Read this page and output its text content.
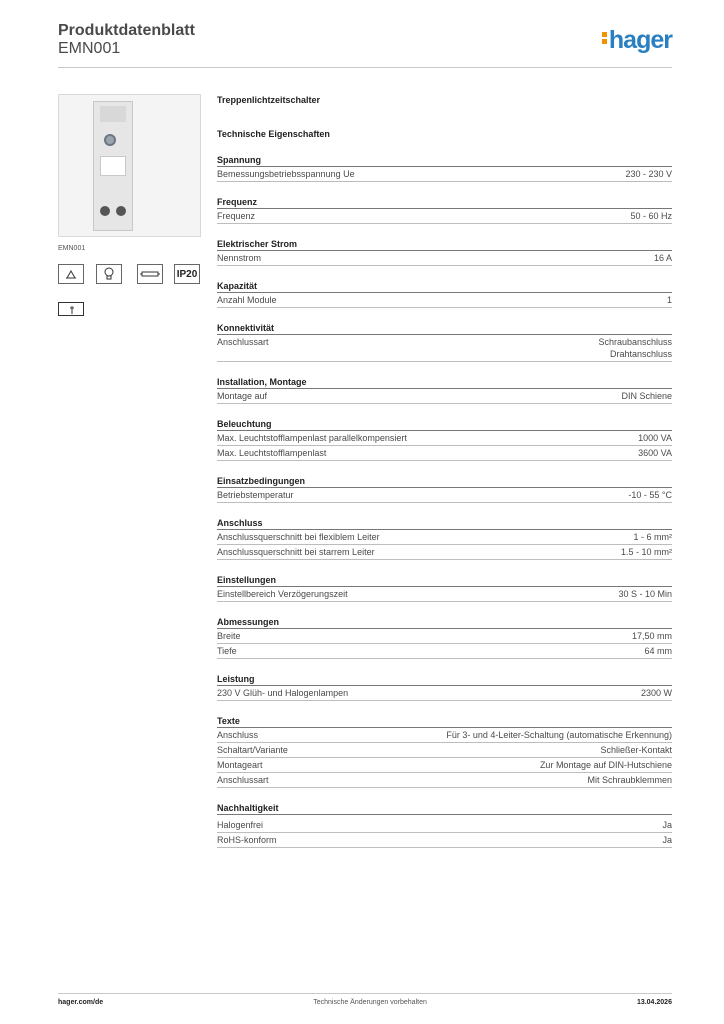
Produktdatenblatt
EMN001	hager
EMN001
IP20
Treppenlichtzeitschalter
Technische Eigenschaften
Spannung
Bemessungsbetriebsspannung Ue	230 - 230 V
Frequenz
Frequenz	50 - 60 Hz
Elektrischer Strom
Nennstrom	16 A
Kapazität
Anzahl Module	1
Konnektivität
Anschlussart	Schraubanschluss
Drahtanschluss
Installation, Montage
Montage auf	DIN Schiene
Beleuchtung
Max. Leuchtstofflampenlast parallelkompensiert	1000 VA
Max. Leuchtstofflampenlast	3600 VA
Einsatzbedingungen
Betriebstemperatur	-10 - 55 °C
Anschluss
Anschlussquerschnitt bei flexiblem Leiter	1 - 6 mm²
Anschlussquerschnitt bei starrem Leiter	1.5 - 10 mm²
Einstellungen
Einstellbereich Verzögerungszeit	30 S - 10 Min
Abmessungen
Breite	17,50 mm
Tiefe	64 mm
Leistung
230 V Glüh- und Halogenlampen	2300 W
Texte
Anschluss	Für 3- und 4-Leiter-Schaltung (automatische Erkennung)
Schaltart/Variante	Schließer-Kontakt
Montageart	Zur Montage auf DIN-Hutschiene
Anschlussart	Mit Schraubklemmen
Nachhaltigkeit
Halogenfrei	Ja
RoHS-konform	Ja
hager.com/de	Technische Änderungen vorbehalten	13.04.2026
